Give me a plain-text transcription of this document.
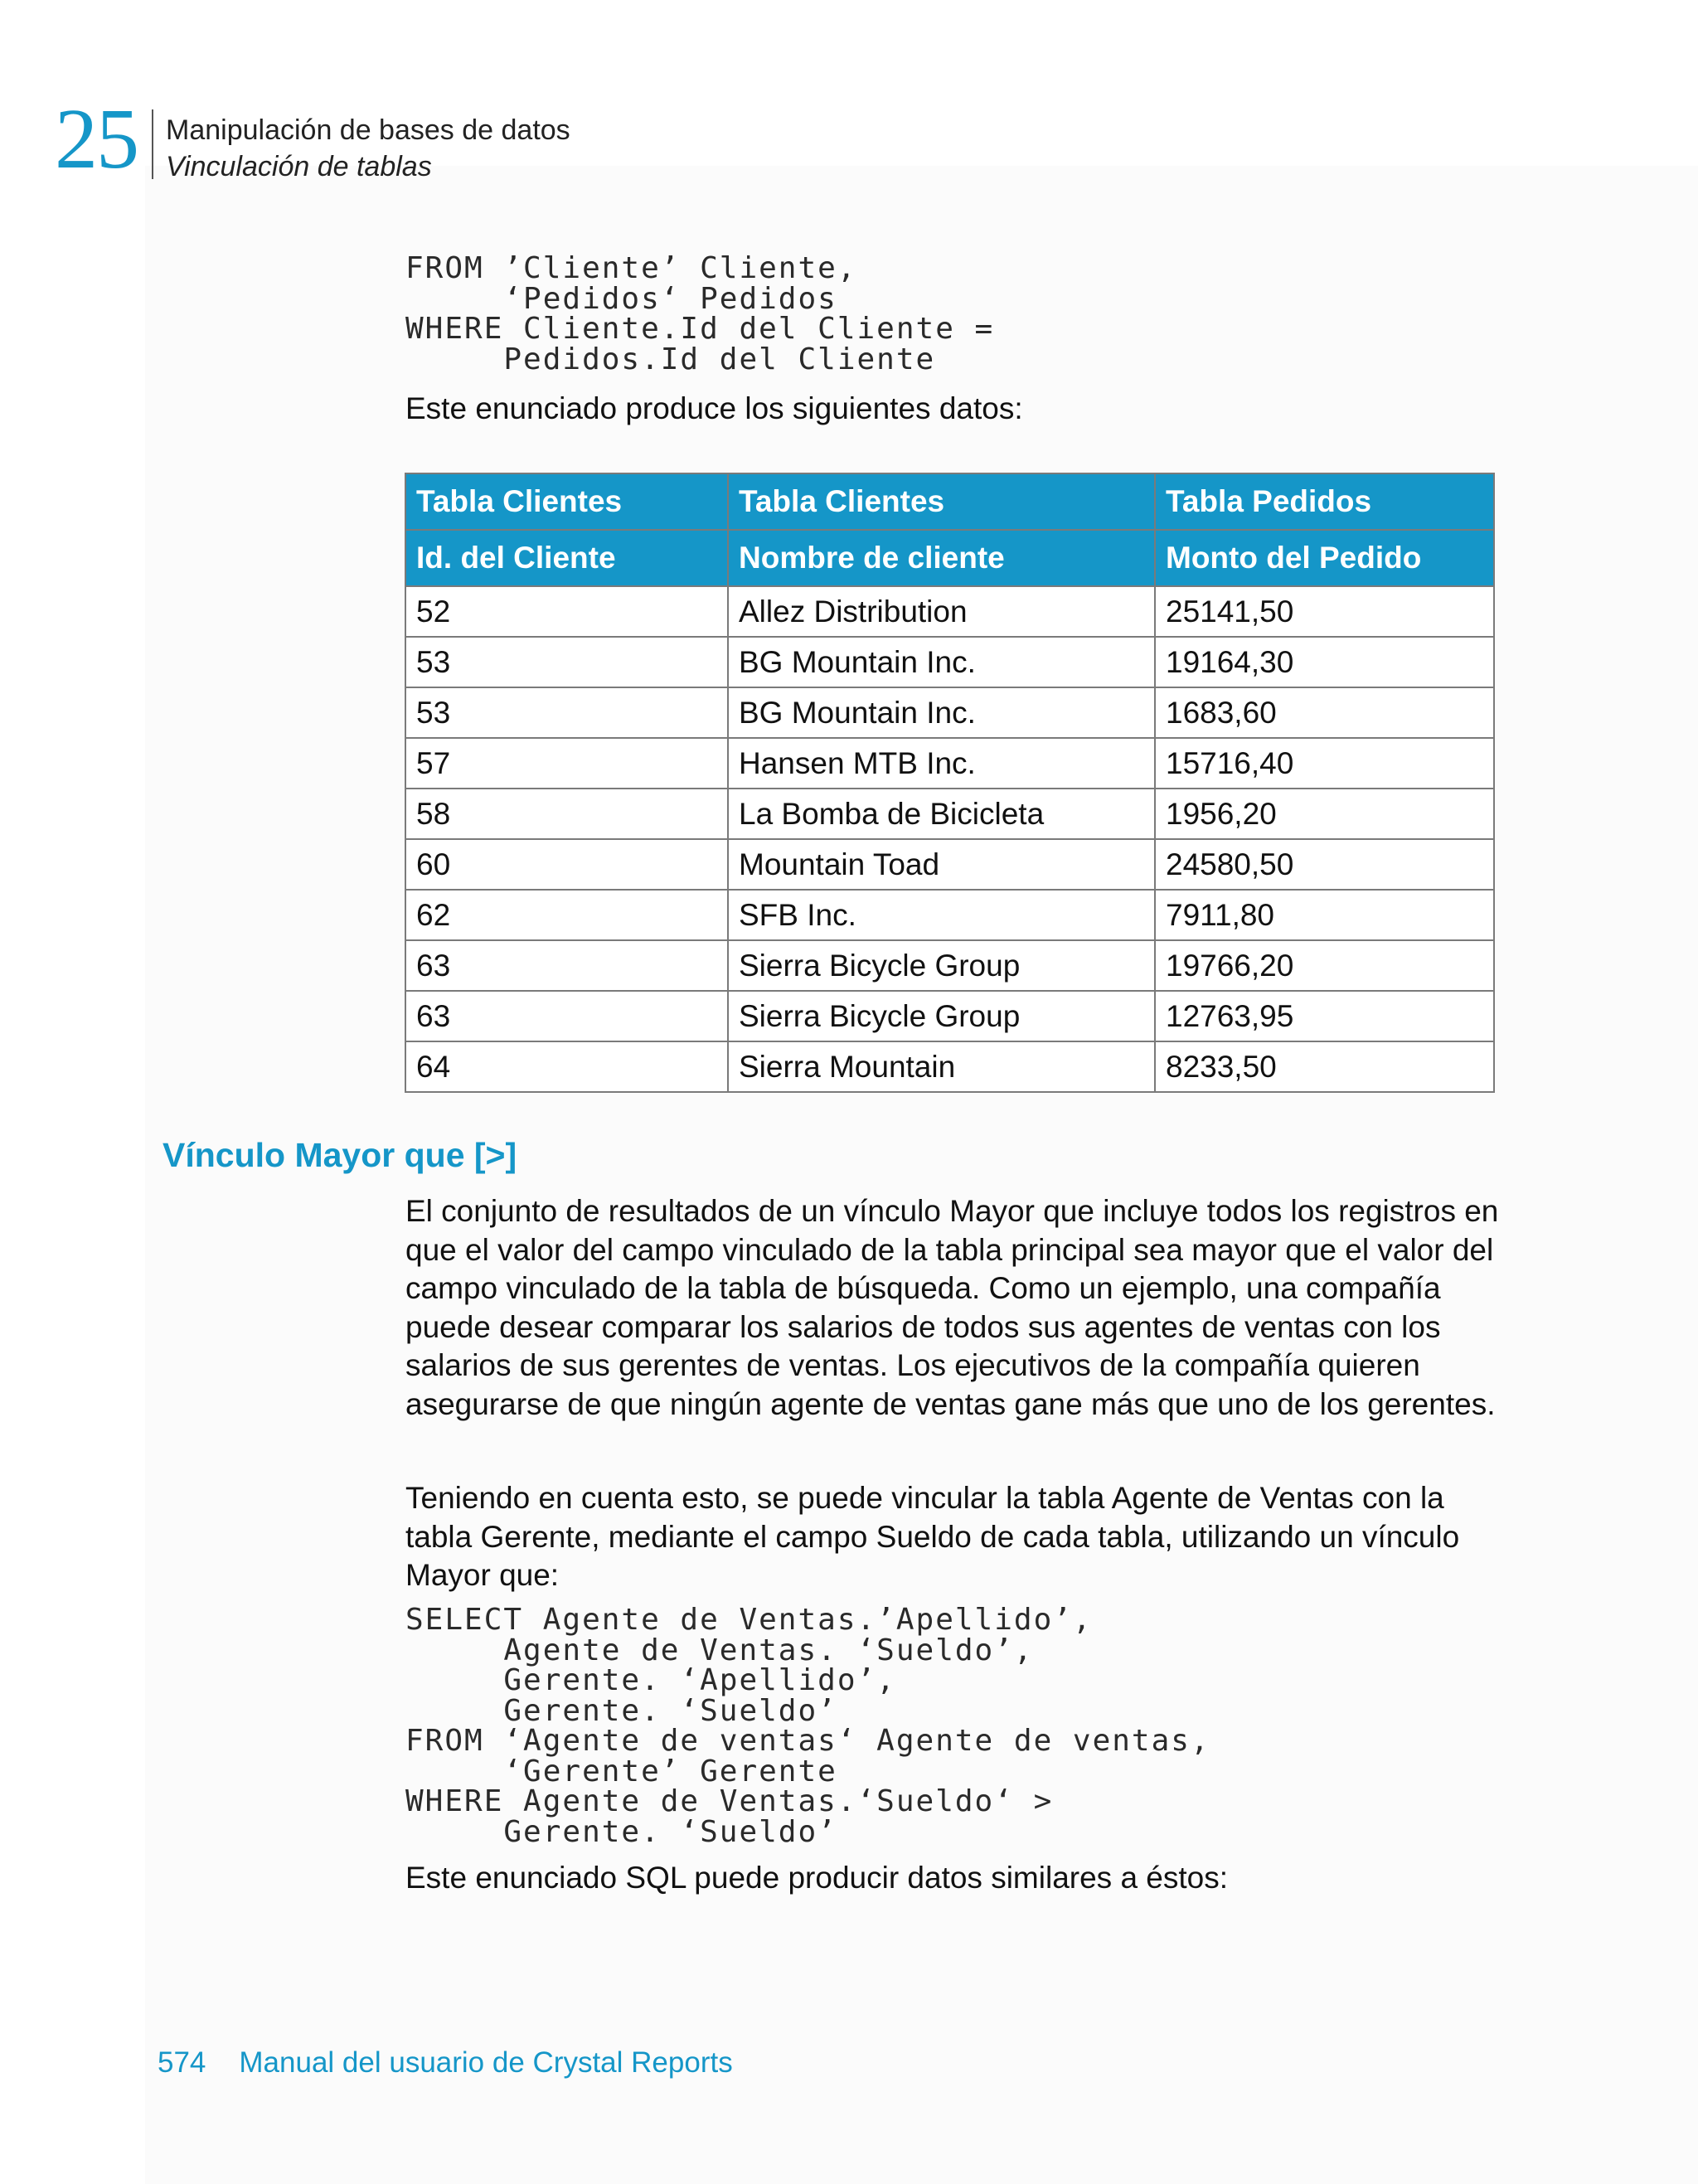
25 Manipulación de bases de datos
Vinculación de tablas
FROM ’Cliente’ Cliente,
‘Pedidos‘ Pedidos
WHERE Cliente.Id del Cliente =
Pedidos.Id del Cliente

Este enunciado produce los siguientes datos:

Tabla Clientes	Tabla Clientes	Tabla Pedidos
Id. del Cliente	Nombre de cliente	Monto del Pedido
52	Allez Distribution	25141,50
53	BG Mountain Inc.	19164,30
53	BG Mountain Inc.	1683,60
57	Hansen MTB Inc.	15716,40
58	La Bomba de Bicicleta	1956,20
60	Mountain Toad	24580,50
62	SFB Inc.	7911,80
63	Sierra Bicycle Group	19766,20
63	Sierra Bicycle Group	12763,95
64	Sierra Mountain	8233,50
Vínculo Mayor que [>]

El conjunto de resultados de un vínculo Mayor que incluye todos los registros en que el valor del campo vinculado de la tabla principal sea mayor que el valor del campo vinculado de la tabla de búsqueda. Como un ejemplo, una compañía puede desear comparar los salarios de todos sus agentes de ventas con los salarios de sus gerentes de ventas. Los ejecutivos de la compañía quieren asegurarse de que ningún agente de ventas gane más que uno de los gerentes.

Teniendo en cuenta esto, se puede vincular la tabla Agente de Ventas con la tabla Gerente, mediante el campo Sueldo de cada tabla, utilizando un vínculo Mayor que:

SELECT Agente de Ventas.’Apellido’,
Agente de Ventas. ‘Sueldo’,
Gerente. ‘Apellido’,
Gerente. ‘Sueldo’
FROM ‘Agente de ventas‘ Agente de ventas,
‘Gerente’ Gerente
WHERE Agente de Ventas.‘Sueldo‘ >
Gerente. ‘Sueldo’

Este enunciado SQL puede producir datos similares a éstos:

574 Manual del usuario de Crystal Reports
